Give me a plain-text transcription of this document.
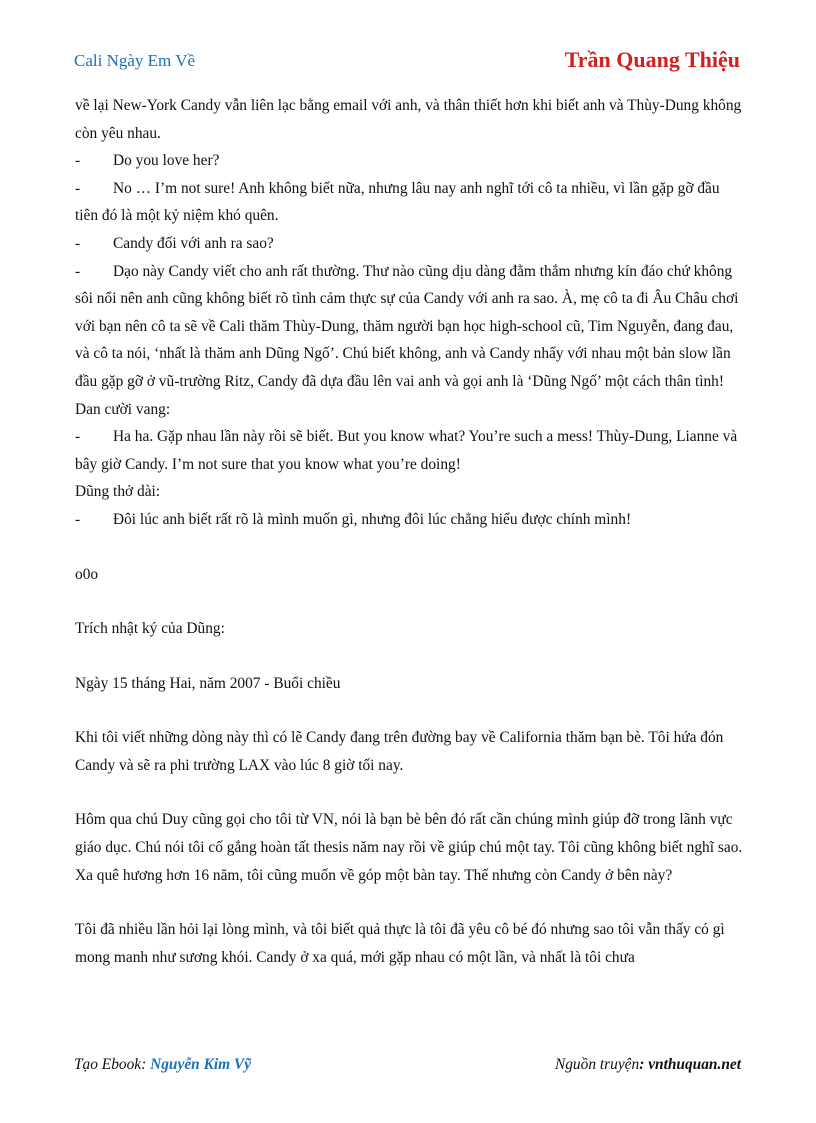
Cali Ngày Em Về	Trần Quang Thiệu

về lại New-York Candy vẫn liên lạc bằng email với anh, và thân thiết hơn khi biết anh và Thùy-Dung không còn yêu nhau.

-	Do you love her?

-	No … I’m not sure! Anh không biết nữa, nhưng lâu nay anh nghĩ tới cô ta nhiều, vì lần gặp gỡ đầu tiên đó là một kỷ niệm khó quên.

-	Candy đối với anh ra sao?

-	Dạo này Candy viết cho anh rất thường. Thư nào cũng dịu dàng đằm thắm nhưng kín đáo chứ không sôi nổi nên anh cũng không biết rõ tình cảm thực sự của Candy với anh ra sao. À, mẹ cô ta đi Âu Châu chơi với bạn nên cô ta sẽ về Cali thăm Thùy-Dung, thăm người bạn học high-school cũ, Tim Nguyễn, đang đau, và cô ta nói, ‘nhất là thăm anh Dũng Ngố’. Chú biết không, anh và Candy nhẩy với nhau một bản slow lần đầu gặp gỡ ở vũ-trường Ritz, Candy đã dựa đầu lên vai anh và gọi anh là ‘Dũng Ngố’ một cách thân tình!

Dan cười vang:

-	Ha ha. Gặp nhau lần này rồi sẽ biết. But you know what? You’re such a mess! Thùy-Dung, Lianne và bây giờ Candy. I’m not sure that you know what you’re doing!

Dũng thở dài:

-	Đôi lúc anh biết rất rõ là mình muốn gì, nhưng đôi lúc chẳng hiểu được chính mình!

o0o

Trích nhật ký của Dũng:

Ngày 15 tháng Hai, năm 2007 - Buổi chiều

Khi tôi viết những dòng này thì có lẽ Candy đang trên đường bay về California thăm bạn bè. Tôi hứa đón Candy và sẽ ra phi trường LAX vào lúc 8 giờ tối nay.

Hôm qua chú Duy cũng gọi cho tôi từ VN, nói là bạn bè bên đó rất cần chúng mình giúp đỡ trong lãnh vực giáo dục. Chú nói tôi cố gắng hoàn tất thesis năm nay rồi về giúp chú một tay. Tôi cũng không biết nghĩ sao. Xa quê hương hơn 16 năm, tôi cũng muốn về góp một bàn tay. Thế nhưng còn Candy ở bên này?

Tôi đã nhiều lần hỏi lại lòng mình, và tôi biết quả thực là tôi đã yêu cô bé đó nhưng sao tôi vẫn thấy có gì mong manh như sương khói. Candy ở xa quá, mới gặp nhau có một lần, và nhất là tôi chưa

Tạo Ebook: Nguyễn Kim Vỹ	Nguồn truyện: vnthuquan.net
